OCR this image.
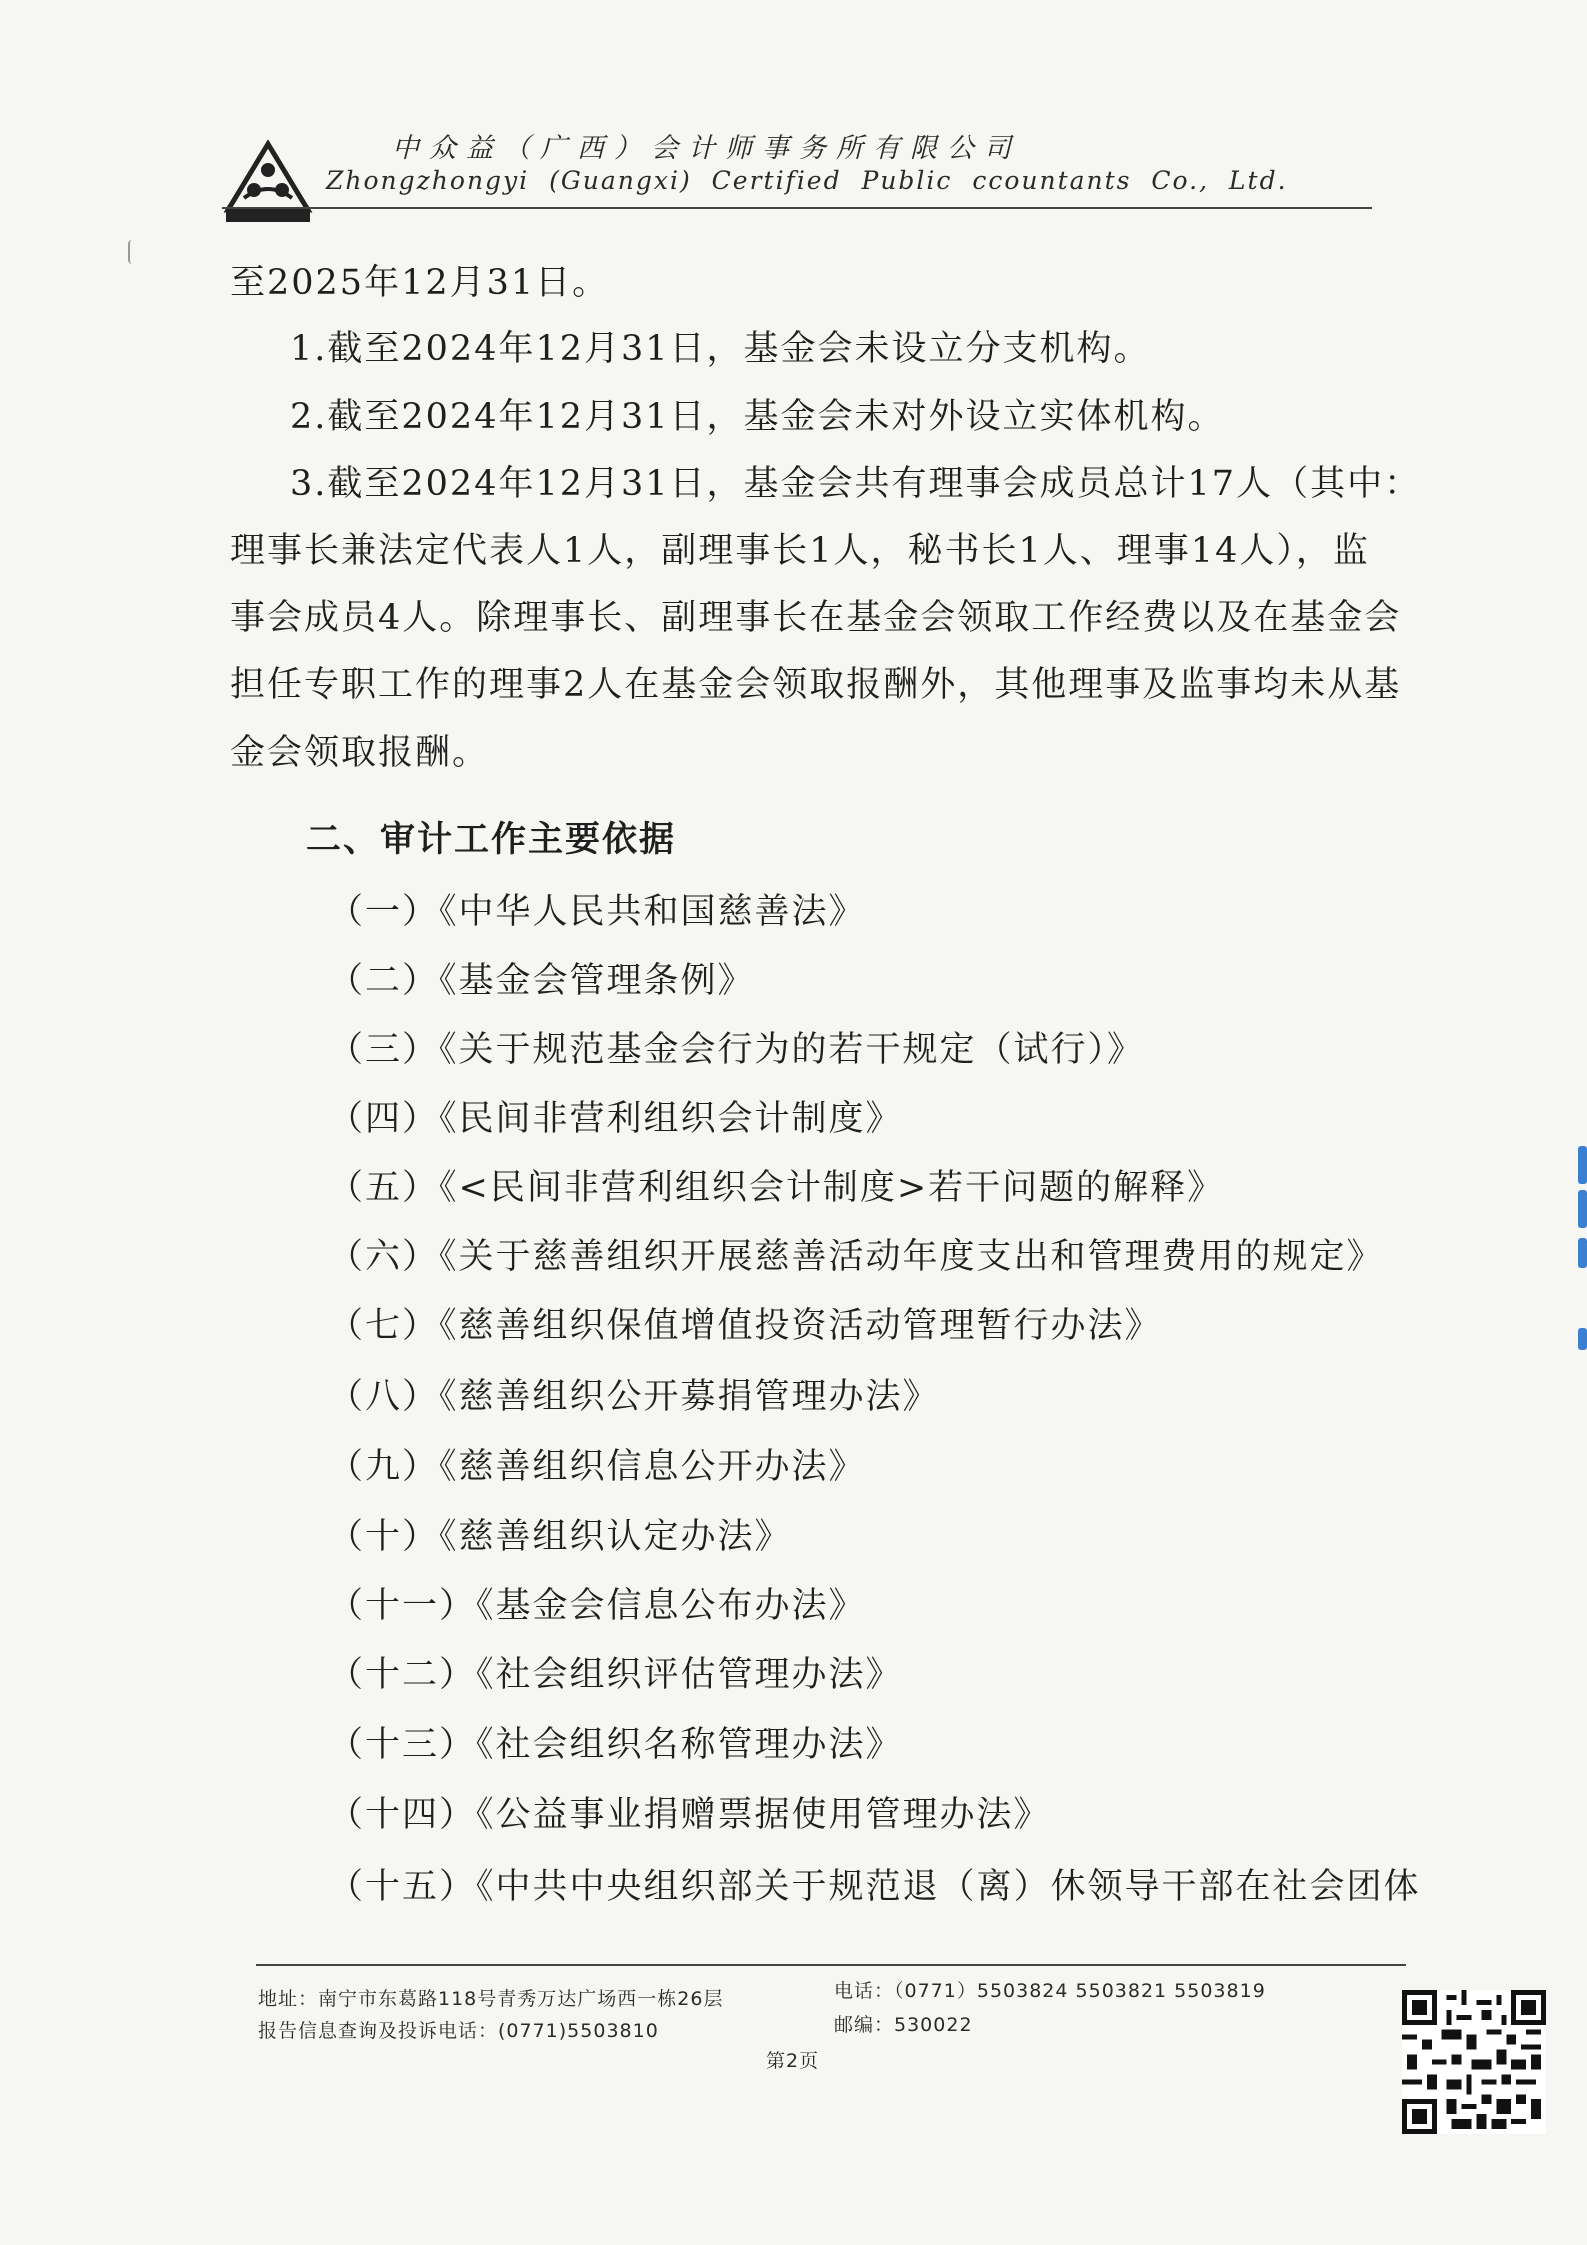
中众益（广西）会计师事务所有限公司
Zhongzhongyi  (Guangxi)  Certified  Public  ccountants  Co.,  Ltd.
至2025年12月31日。
1.截至2024年12月31日，基金会未设立分支机构。
2.截至2024年12月31日，基金会未对外设立实体机构。
3.截至2024年12月31日，基金会共有理事会成员总计17人（其中：
理事长兼法定代表人1人，副理事长1人，秘书长1人、理事14人），监
事会成员4人。除理事长、副理事长在基金会领取工作经费以及在基金会
担任专职工作的理事2人在基金会领取报酬外，其他理事及监事均未从基
金会领取报酬。
二、审计工作主要依据
（一）《中华人民共和国慈善法》
（二）《基金会管理条例》
（三）《关于规范基金会行为的若干规定（试行）》
（四）《民间非营利组织会计制度》
（五）《<民间非营利组织会计制度>若干问题的解释》
（六）《关于慈善组织开展慈善活动年度支出和管理费用的规定》
（七）《慈善组织保值增值投资活动管理暂行办法》
（八）《慈善组织公开募捐管理办法》
（九）《慈善组织信息公开办法》
（十）《慈善组织认定办法》
（十一）《基金会信息公布办法》
（十二）《社会组织评估管理办法》
（十三）《社会组织名称管理办法》
（十四）《公益事业捐赠票据使用管理办法》
（十五）《中共中央组织部关于规范退（离）休领导干部在社会团体
地址：南宁市东葛路118号青秀万达广场西一栋26层
报告信息查询及投诉电话：(0771)5503810
电话：（0771）5503824 5503821 5503819
邮编：530022
第2页
